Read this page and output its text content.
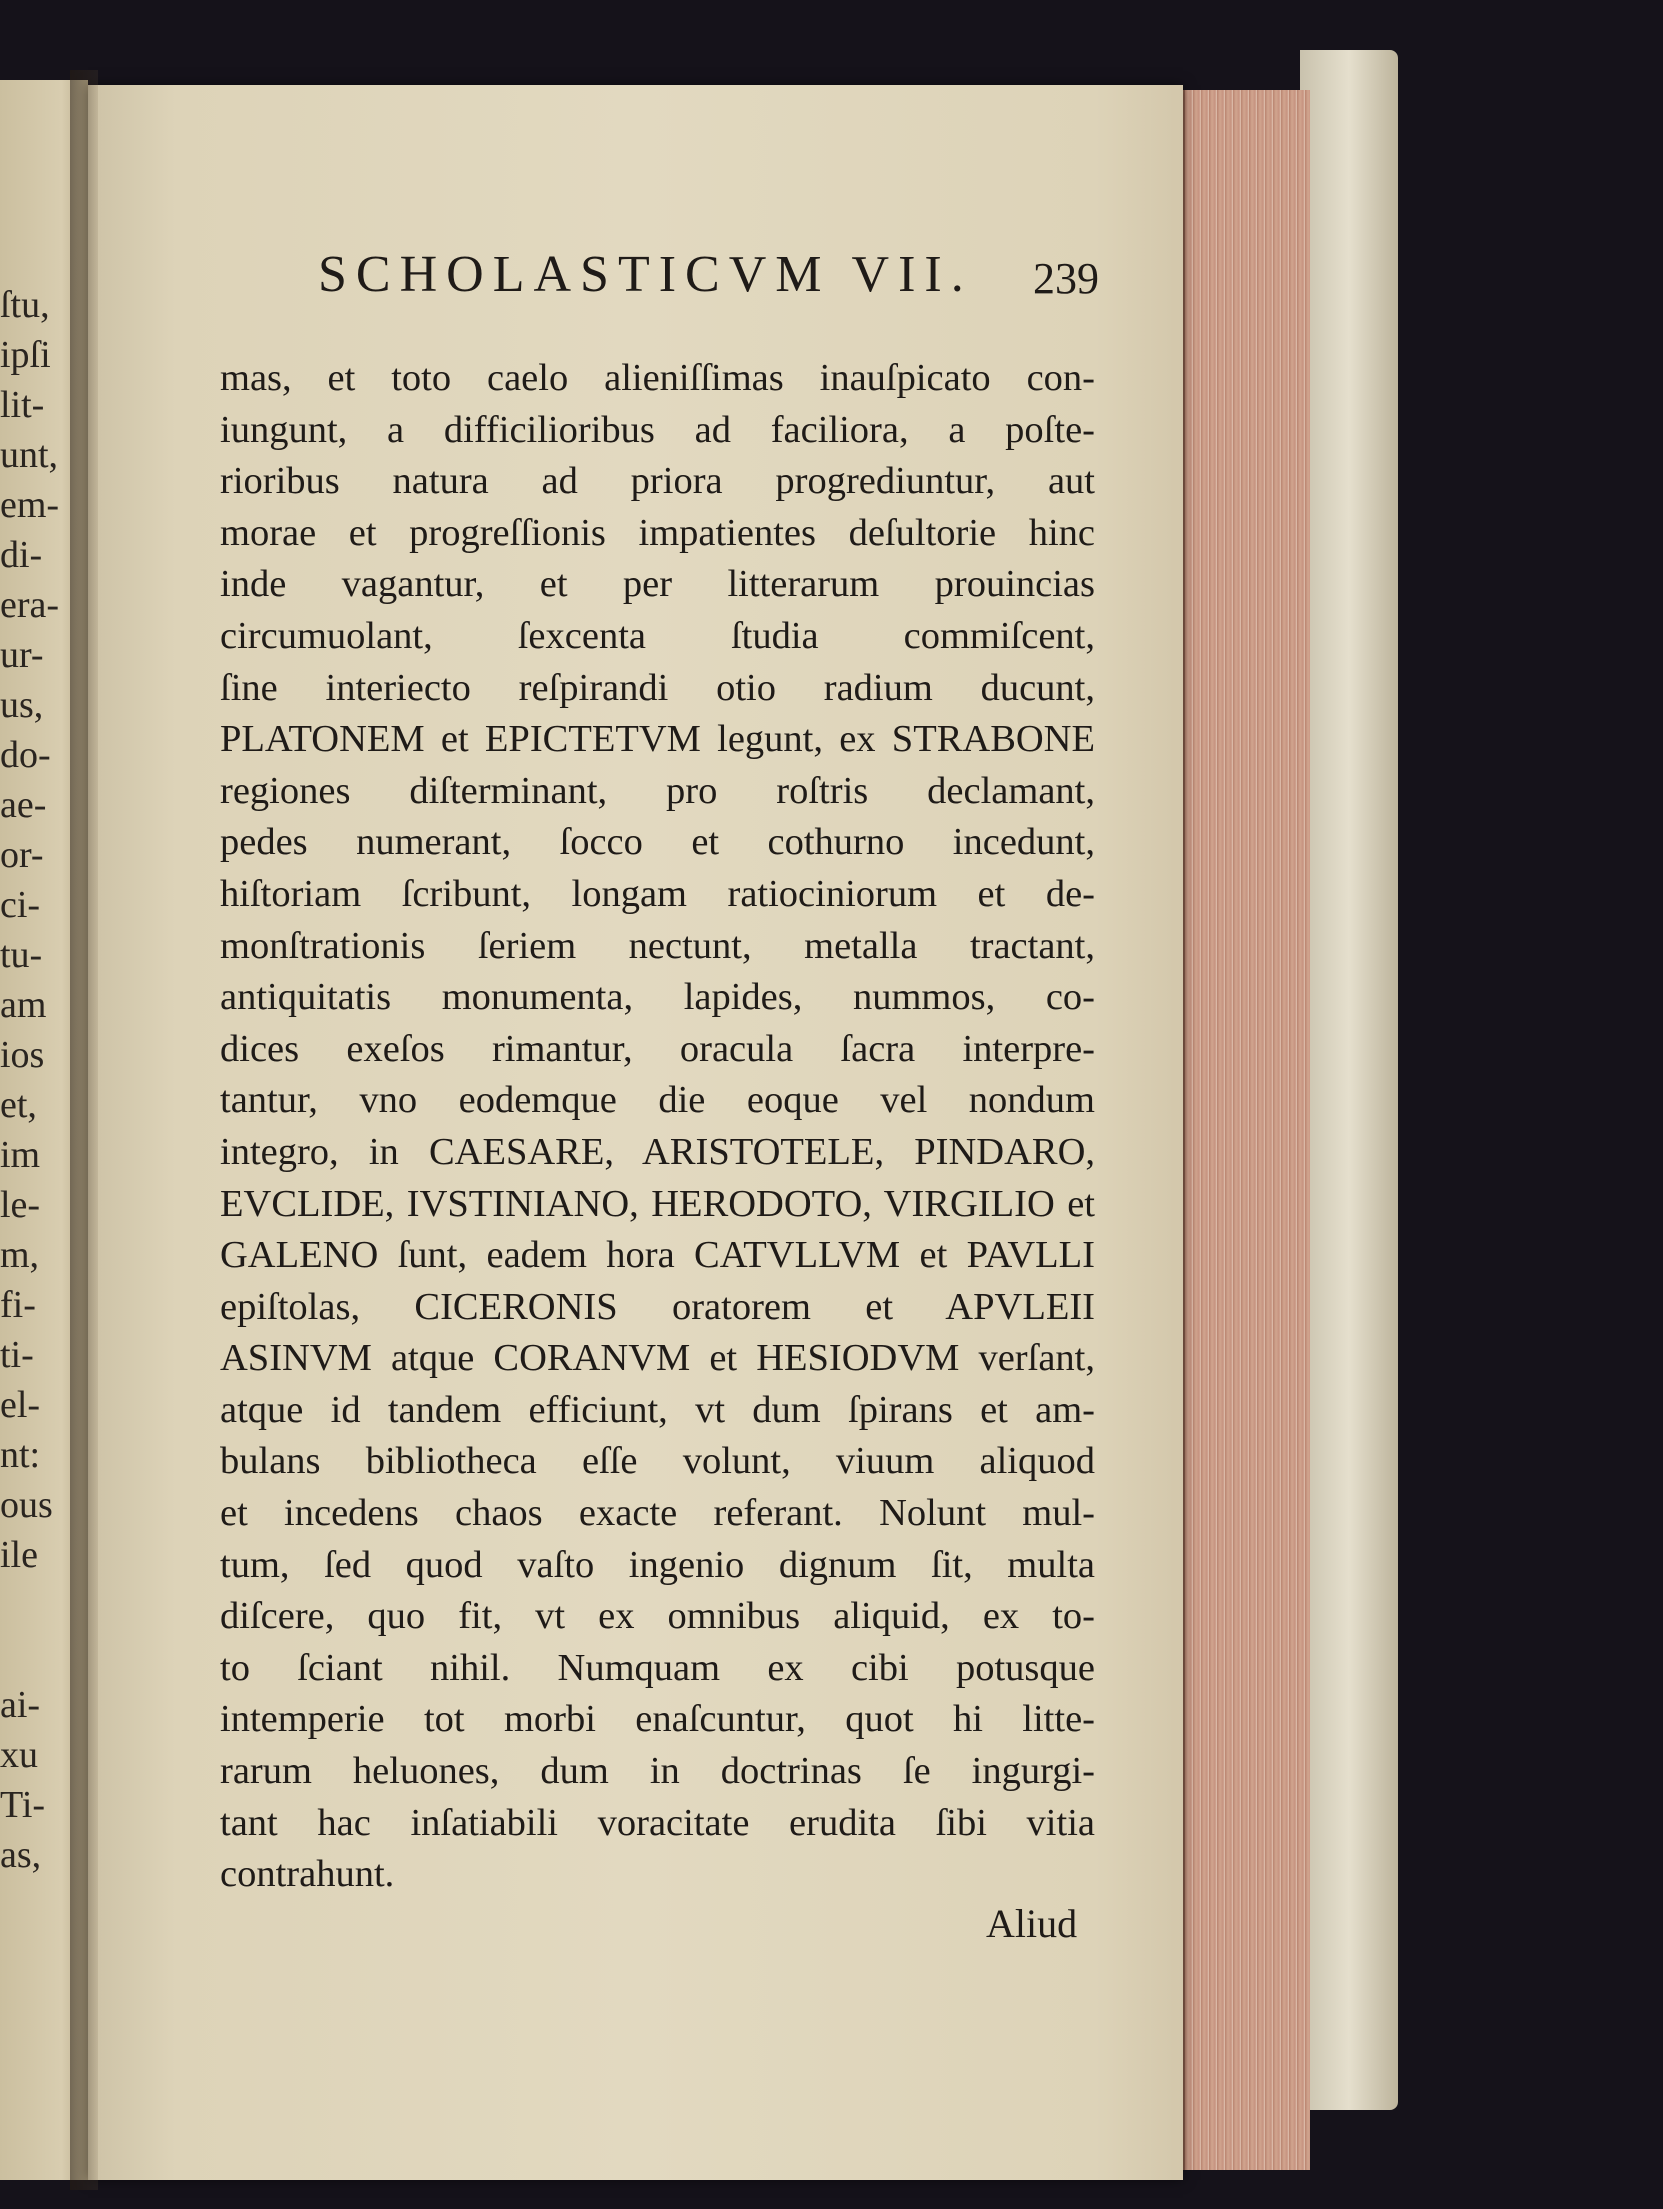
ſtu,
ipſi
lit-
unt,
em-
di-
era-
ur-
us,
do-
ae-
or-
ci-
tu-
am
ios
et,
im
le-
m,
fi-
ti-
el-
nt:
ous
ile
ai-
xu
Ti-
as,
SCHOLASTICVM VII. 239
mas, et toto caelo alieniſſimas inauſpicato con-
iungunt, a difficilioribus ad faciliora, a poſte-
rioribus natura ad priora progrediuntur, aut
morae et progreſſionis impatientes deſultorie hinc
inde vagantur, et per litterarum prouincias
circumuolant, ſexcenta ſtudia commiſcent,
ſine interiecto reſpirandi otio radium ducunt,
PLATONEM et EPICTETVM legunt, ex STRABONE
regiones diſterminant, pro roſtris declamant,
pedes numerant, ſocco et cothurno incedunt,
hiſtoriam ſcribunt, longam ratiociniorum et de-
monſtrationis ſeriem nectunt, metalla tractant,
antiquitatis monumenta, lapides, nummos, co-
dices exeſos rimantur, oracula ſacra interpre-
tantur, vno eodemque die eoque vel nondum
integro, in CAESARE, ARISTOTELE, PINDARO,
EVCLIDE, IVSTINIANO, HERODOTO, VIRGILIO et
GALENO ſunt, eadem hora CATVLLVM et PAVLLI
epiſtolas, CICERONIS oratorem et APVLEII
ASINVM atque CORANVM et HESIODVM verſant,
atque id tandem efficiunt, vt dum ſpirans et am-
bulans bibliotheca eſſe volunt, viuum aliquod
et incedens chaos exacte referant. Nolunt mul-
tum, ſed quod vaſto ingenio dignum ſit, multa
diſcere, quo fit, vt ex omnibus aliquid, ex to-
to ſciant nihil. Numquam ex cibi potusque
intemperie tot morbi enaſcuntur, quot hi litte-
rarum heluones, dum in doctrinas ſe ingurgi-
tant hac inſatiabili voracitate erudita ſibi vitia
contrahunt.
Aliud
